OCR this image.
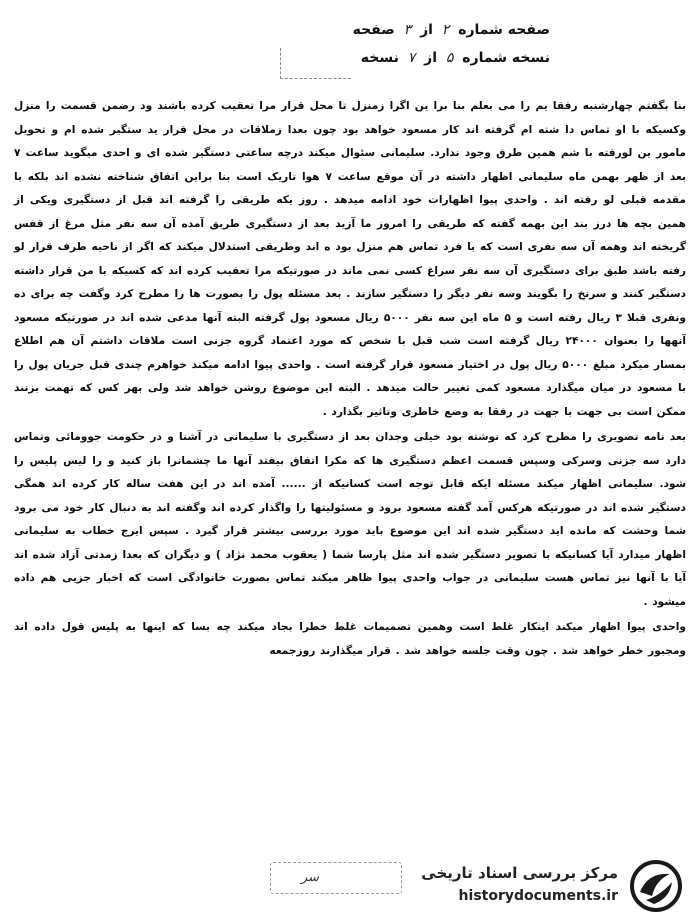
صفحه شماره ۲ از ۳ صفحه
نسخه شماره ۵ از ۷ نسخه

بنا بگفتم چهارشنبه رفقا یم را می بعلم بنا برا ین اگرا زمنزل تا محل قرار مرا تعقیب کرده باشند ود رضمن قسمت را منزل وکسیکه با او تماس دا شته ام گرفته اند کار مسعود خواهد بود چون بعدا زملاقات در محل قرار ید ستگیر شده ام و تحویل مامور ین لورفته با شم همین طرق وجود ندارد. سلیمانی سئوال میکند درچه ساعتی دستگیر شده ای و احدی میگوید ساعت ۷ بعد از ظهر بهمن ماه سلیمانی اظهار داشته در آن موقع ساعت ۷ هوا تاریک است بنا براین اتفاق شناخته نشده اند بلکه با مقدمه قبلی لو رفته اند . واحدی پیوا اظهارات خود ادامه میدهد . روز یکه طریقی را گرفته اند قبل از دستگیری ویکی از همین بچه ها درز بند این بهمه گفته که طریقی را امروز ما آزید بعد از دستگیری طریق آمده آن سه نفر مثل مرغ از قفس گریخته اند وهمه آن سه نفری است که با فرد تماس هم منزل بود ه اند وطریقی استدلال میکند که اگر از ناحیه طرف قرار لو رفته باشد طبق برای دستگیری آن سه نفر سراغ کسی نمی ماند در صورتیکه مرا تعقیب کرده اند که کسیکه با من قرار داشته دستگیر کنند و سرنخ را بگویند وسه نفر دیگر را دستگیر سازند . بعد مسئله پول را بصورت ها را مطرح کرد وگفت چه برای ده ونفری قبلا ۳ ریال رفته است و ۵ ماه این سه نفر ۵۰۰۰ ریال مسعود پول گرفته البته آنها مدعی شده اند در صورتیکه مسعود آنهها را بعنوان ۲۴۰۰۰ ریال گرفته است شب قبل با شخص که مورد اعتماد گروه جزنی است ملاقات داشتم آن هم اطلاع بمسار میکرد مبلغ ۵۰۰۰ ریال پول در اختیار مسعود قرار گرفته است . واحدی پیوا ادامه میکند خواهرم چندی قبل جریان پول را با مسعود در میان میگذارد مسعود کمی تغییر حالت میدهد . البته این موضوع روشن خواهد شد ولی بهر کس که تهمت بزنند ممکن است بی جهت با جهت در رفقا به وضع خاطری وتاثیر بگذارد .

بعد نامه تصویری را مطرح کرد که نوشته بود خیلی وجدان بعد از دستگیری با سلیمانی در آشنا و در حکومت جوومائی وتماس دارد سه جزنی وسرکی وسپس قسمت اعظم دستگیری ها که مکرا اتفاق بیفتد آنها ما چشمانرا باز کنید و را لیس پلیس را شود. سلیمانی اظهار میکند مسئله ایکه قابل توجه است کسانیکه از ...... آمده اند در این هفت ساله کار کرده اند همگی دستگیر شده اند در صورتیکه هرکس آمد گفته مسعود برود و مسئولیتها را واگذار کرده اند وگفته اند به دنبال کار خود می برود شما وحشت که مانده اید دستگیر شده اند این موضوع باید مورد بررسی بیشتر قرار گیرد . سپس ایرج خطاب به سلیمانی اظهار میدارد آیا کسانیکه با تصویر دستگیر شده اند مثل پارسا شما ( یعقوب محمد نژاد ) و دیگران که بعدا زمدتی آزاد شده اند آیا با آنها نیز تماس هست سلیمانی در جواب واحدی پیوا ظاهر میکند تماس بصورت خانوادگی است که اخبار جزیی هم داده میشود .

واحدی پیوا اظهار میکند اینکار غلط است وهمین تصمیمات غلط خطرا بجاد میکند چه بسا که اینها به پلیس قول داده اند ومجبور خطر خواهد شد . چون وقت جلسه خواهد شد . قرار میگذارند روزجمعه

سر	مرکز بررسی اسناد تاریخی
historydocuments.ir
